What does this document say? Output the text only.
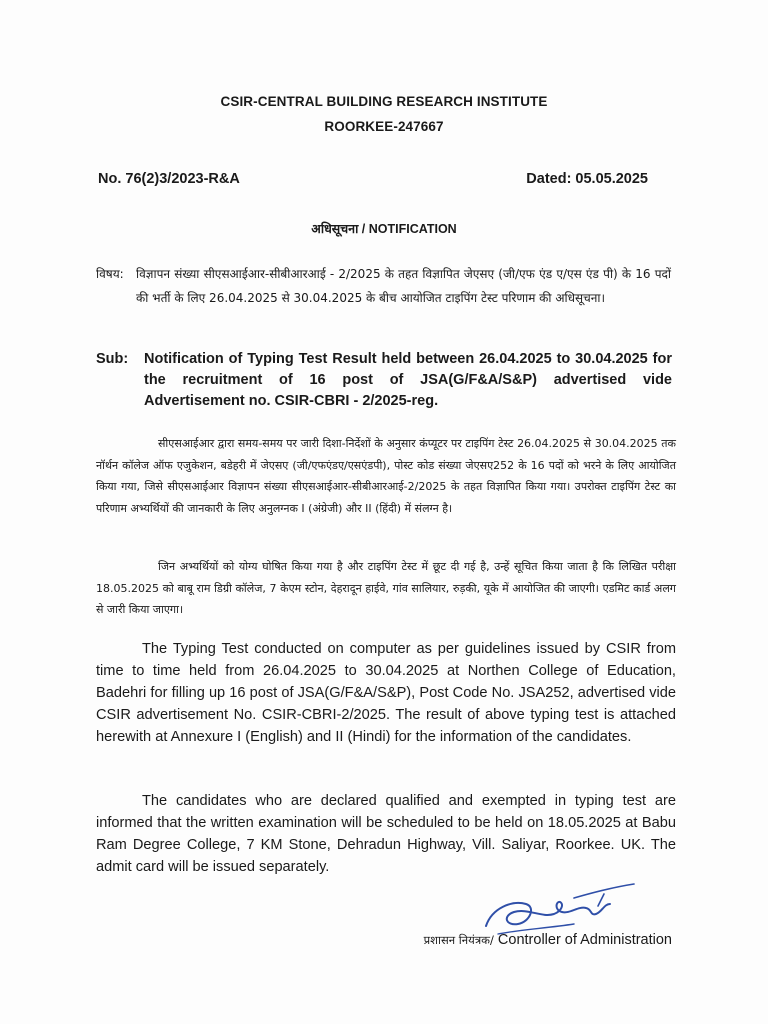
CSIR-CENTRAL BUILDING RESEARCH INSTITUTE
ROORKEE-247667
No. 76(2)3/2023-R&A	Dated: 05.05.2025
अधिसूचना / NOTIFICATION
विषय: विज्ञापन संख्या सीएसआईआर-सीबीआरआई - 2/2025 के तहत विज्ञापित जेएसए (जी/एफ एंड ए/एस एंड पी) के 16 पदों की भर्ती के लिए 26.04.2025 से 30.04.2025 के बीच आयोजित टाइपिंग टेस्ट परिणाम की अधिसूचना।
Sub: Notification of Typing Test Result held between 26.04.2025 to 30.04.2025 for the recruitment of 16 post of JSA(G/F&A/S&P) advertised vide Advertisement no. CSIR-CBRI - 2/2025-reg.
सीएसआईआर द्वारा समय-समय पर जारी दिशा-निर्देशों के अनुसार कंप्यूटर पर टाइपिंग टेस्ट 26.04.2025 से 30.04.2025 तक नॉर्थन कॉलेज ऑफ एजुकेशन, बडेहरी में जेएसए (जी/एफएंडए/एसएंडपी), पोस्ट कोड संख्या जेएसए252 के 16 पदों को भरने के लिए आयोजित किया गया, जिसे सीएसआईआर विज्ञापन संख्या सीएसआईआर-सीबीआरआई-2/2025 के तहत विज्ञापित किया गया। उपरोक्त टाइपिंग टेस्ट का परिणाम अभ्यर्थियों की जानकारी के लिए अनुलग्नक I (अंग्रेजी) और II (हिंदी) में संलग्न है।
जिन अभ्यर्थियों को योग्य घोषित किया गया है और टाइपिंग टेस्ट में छूट दी गई है, उन्हें सूचित किया जाता है कि लिखित परीक्षा 18.05.2025 को बाबू राम डिग्री कॉलेज, 7 केएम स्टोन, देहरादून हाईवे, गांव सालियार, रुड़की, यूके में आयोजित की जाएगी। एडमिट कार्ड अलग से जारी किया जाएगा।
The Typing Test conducted on computer as per guidelines issued by CSIR from time to time held from 26.04.2025 to 30.04.2025 at Northen College of Education, Badehri for filling up 16 post of JSA(G/F&A/S&P), Post Code No. JSA252, advertised vide CSIR advertisement No. CSIR-CBRI-2/2025. The result of above typing test is attached herewith at Annexure I (English) and II (Hindi) for the information of the candidates.
The candidates who are declared qualified and exempted in typing test are informed that the written examination will be scheduled to be held on 18.05.2025 at Babu Ram Degree College, 7 KM Stone, Dehradun Highway, Vill. Saliyar, Roorkee. UK. The admit card will be issued separately.
प्रशासन नियंत्रक/ Controller of Administration
